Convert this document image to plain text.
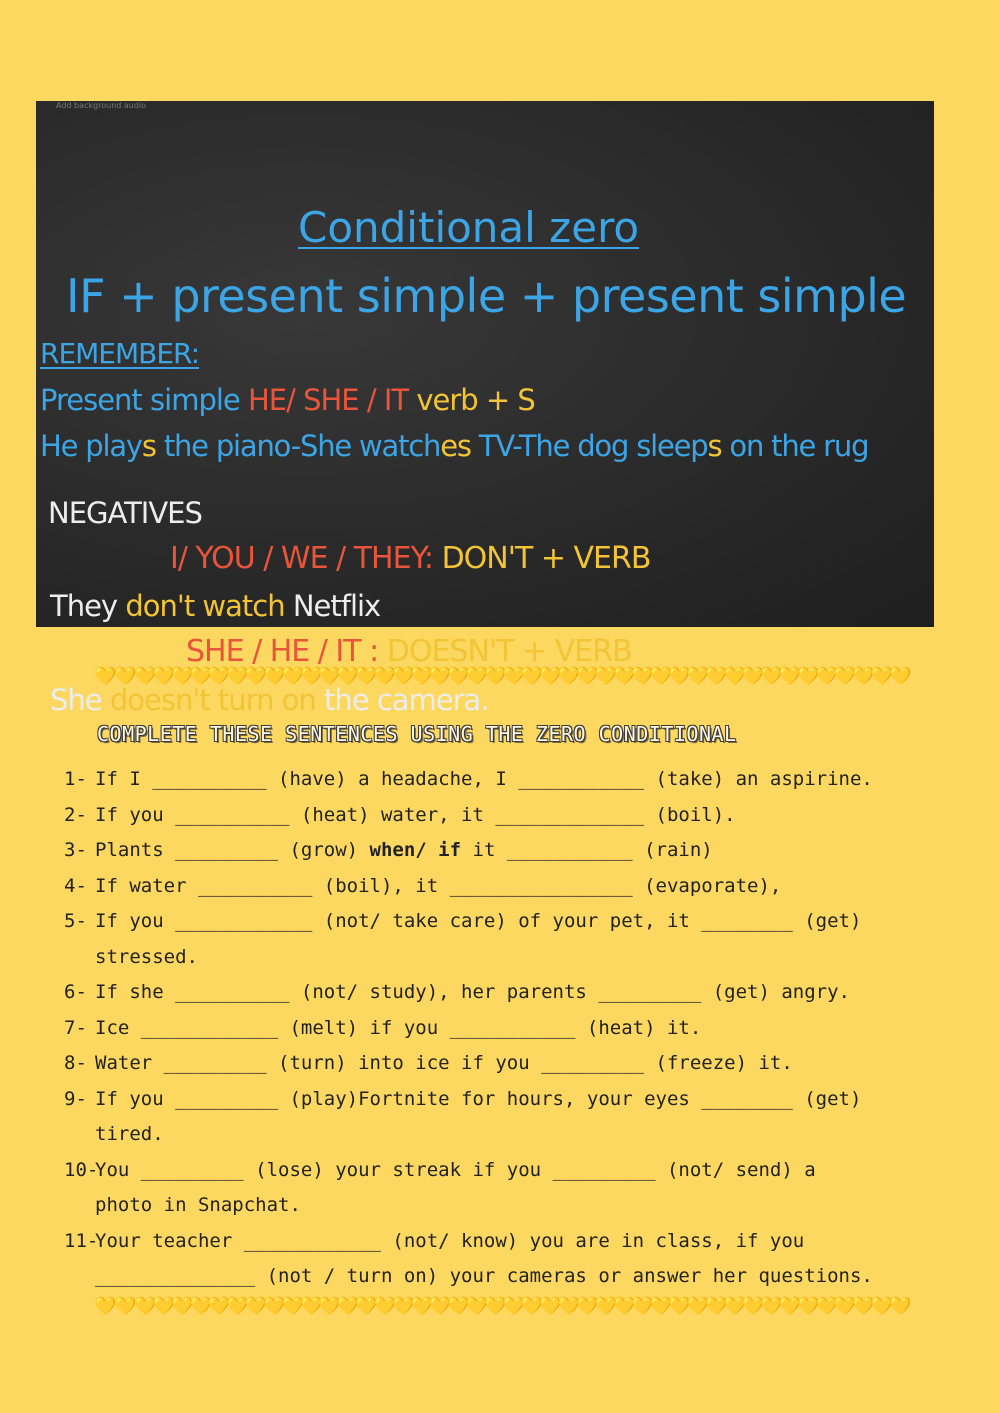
Add background audio
Conditional zero
IF + present simple + present simple
REMEMBER:
Present simple HE/ SHE / IT verb + S
He plays the piano-She watches TV-The dog sleeps on the rug
NEGATIVES
I/ YOU / WE / THEY: DON'T + VERB
They don't watch Netflix
SHE / HE / IT : DOESN'T + VERB
She doesn't turn on the camera.
💛 💛 💛💛💛💛💛💛💛💛💛💛💛💛💛💛💛💛💛💛💛💛💛💛💛💛💛💛💛💛💛💛💛💛💛💛💛💛💛💛💛💛💛💛
COMPLETE THESE SENTENCES USING THE ZERO CONDITIONAL
1- If I __________ (have) a headache, I ___________ (take) an aspirine.
2- If you __________ (heat) water, it _____________ (boil).
3- Plants _________ (grow) when/ if it ___________ (rain)
4- If water __________ (boil), it ________________ (evaporate),
5- If you ____________ (not/ take care) of your pet, it ________ (get)
stressed.
6- If she __________ (not/ study), her parents _________ (get) angry.
7- Ice ____________ (melt) if you ___________ (heat) it.
8- Water _________ (turn) into ice if you _________ (freeze) it.
9- If you _________ (play)Fortnite for hours, your eyes ________ (get)
tired.
10-
You _________ (lose) your streak if you _________ (not/ send) a
photo in Snapchat.
11-
Your teacher ____________ (not/ know) you are in class, if you
______________ (not / turn on) your cameras or answer her questions.
💛 💛 💛💛💛💛💛💛💛💛💛💛💛💛💛💛💛💛💛💛💛💛💛💛💛💛💛💛💛💛💛💛💛💛💛💛💛💛💛💛💛💛💛💛
